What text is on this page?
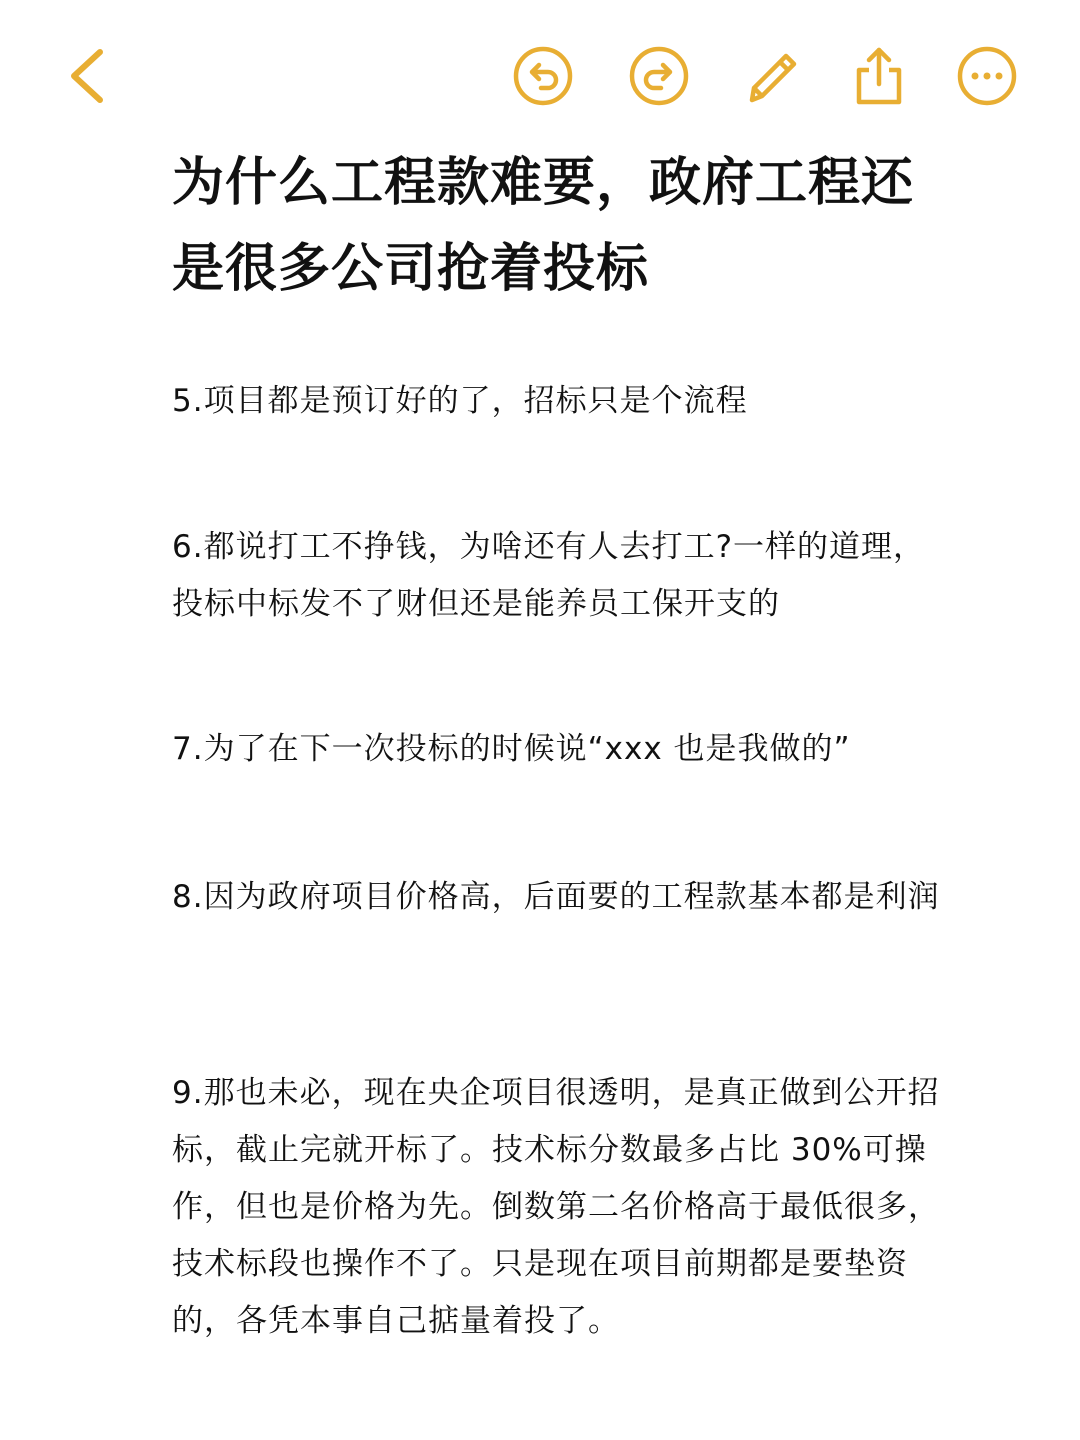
为什么工程款难要，政府工程还是很多公司抢着投标

5.项目都是预订好的了，招标只是个流程

6.都说打工不挣钱，为啥还有人去打工?一样的道理，投标中标发不了财但还是能养员工保开支的

7.为了在下一次投标的时候说“xxx 也是我做的”

8.因为政府项目价格高，后面要的工程款基本都是利润

9.那也未必，现在央企项目很透明，是真正做到公开招标，截止完就开标了。技术标分数最多占比 30%可操作，但也是价格为先。倒数第二名价格高于最低很多，技术标段也操作不了。只是现在项目前期都是要垫资的，各凭本事自己掂量着投了。
